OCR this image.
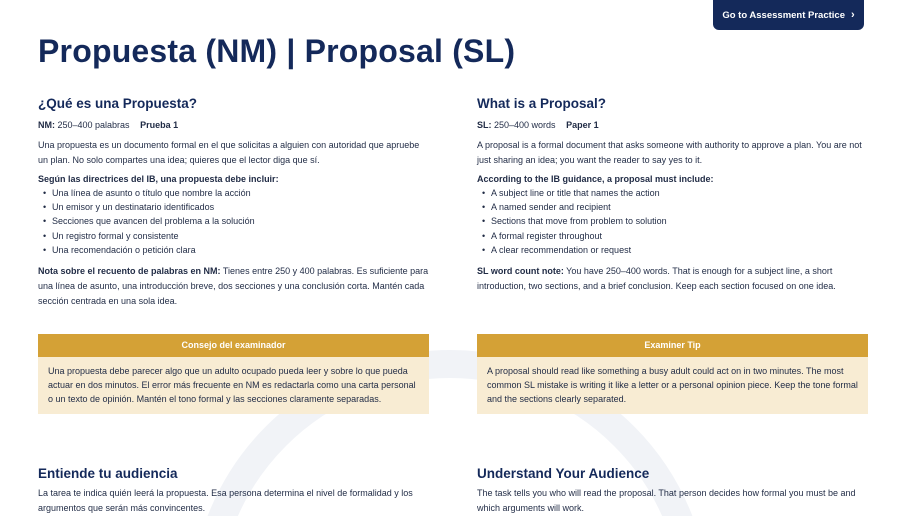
Go to Assessment Practice ›
Propuesta (NM) | Proposal (SL)
¿Qué es una Propuesta?
NM: 250–400 palabras Prueba 1

Una propuesta es un documento formal en el que solicitas a alguien con autoridad que apruebe un plan. No solo compartes una idea; quieres que el lector diga que sí.

Según las directrices del IB, una propuesta debe incluir:
• Una línea de asunto o título que nombre la acción
• Un emisor y un destinatario identificados
• Secciones que avancen del problema a la solución
• Un registro formal y consistente
• Una recomendación o petición clara

Nota sobre el recuento de palabras en NM: Tienes entre 250 y 400 palabras. Es suficiente para una línea de asunto, una introducción breve, dos secciones y una conclusión corta. Mantén cada sección centrada en una sola idea.

What is a Proposal?
SL: 250–400 words Paper 1

A proposal is a formal document that asks someone with authority to approve a plan. You are not just sharing an idea; you want the reader to say yes to it.

According to the IB guidance, a proposal must include:
• A subject line or title that names the action
• A named sender and recipient
• Sections that move from problem to solution
• A formal register throughout
• A clear recommendation or request

SL word count note: You have 250–400 words. That is enough for a subject line, a short introduction, two sections, and a brief conclusion. Keep each section focused on one idea.

Consejo del examinador
Una propuesta debe parecer algo que un adulto ocupado pueda leer y sobre lo que pueda actuar en dos minutos. El error más frecuente en NM es redactarla como una carta personal o un texto de opinión. Mantén el tono formal y las secciones claramente separadas.
Examiner Tip
A proposal should read like something a busy adult could act on in two minutes. The most common SL mistake is writing it like a letter or a personal opinion piece. Keep the tone formal and the sections clearly separated.
Entiende tu audiencia

La tarea te indica quién leerá la propuesta. Esa persona determina el nivel de formalidad y los argumentos que serán más convincentes.

Understand Your Audience

The task tells you who will read the proposal. That person decides how formal you must be and which arguments will work.
